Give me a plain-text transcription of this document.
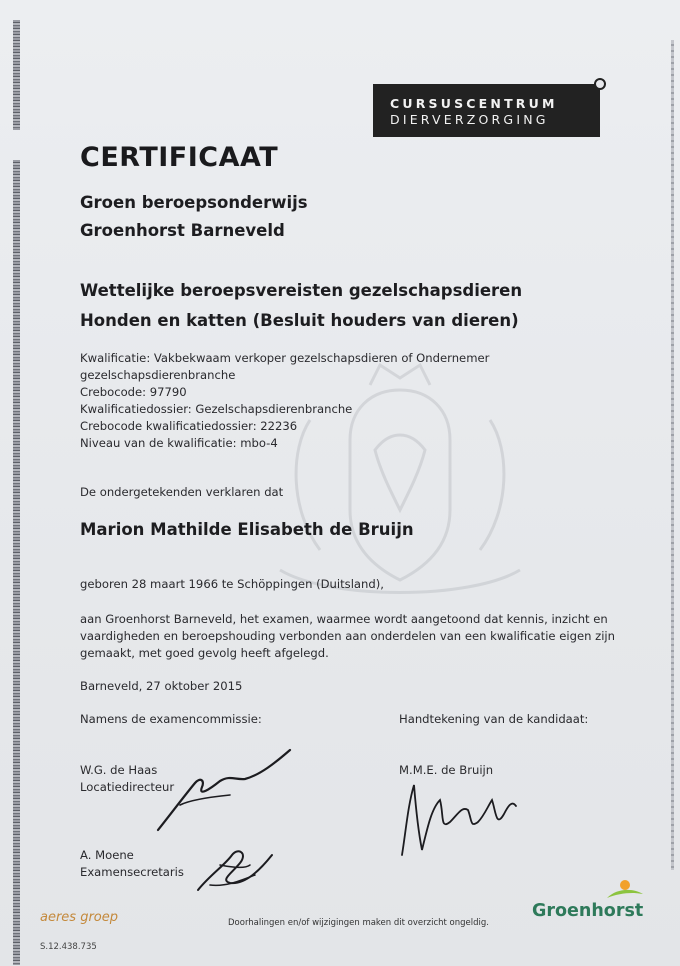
CURSUSCENTRUM
DIERVERZORGING
CERTIFICAAT
Groen beroepsonderwijs
Groenhorst Barneveld
Wettelijke beroepsvereisten gezelschapsdieren
Honden en katten (Besluit houders van dieren)
Kwalificatie: Vakbekwaam verkoper gezelschapsdieren of Ondernemer
gezelschapsdierenbranche
Crebocode: 97790
Kwalificatiedossier: Gezelschapsdierenbranche
Crebocode kwalificatiedossier: 22236
Niveau van de kwalificatie: mbo-4
De ondergetekenden verklaren dat
Marion Mathilde Elisabeth de Bruijn
geboren 28 maart 1966 te Schöppingen (Duitsland),
aan Groenhorst Barneveld, het examen, waarmee wordt aangetoond dat kennis, inzicht en
vaardigheden en beroepshouding verbonden aan onderdelen van een kwalificatie eigen zijn
gemaakt, met goed gevolg heeft afgelegd.
Barneveld, 27 oktober 2015
Namens de examencommissie:	Handtekening van de kandidaat:
W.G. de Haas
Locatiedirecteur
A. Moene
Examensecretaris
M.M.E. de Bruijn
aeres groep	Doorhalingen en/of wijzigingen maken dit overzicht ongeldig.
S.12.438.735
Groenhorst
